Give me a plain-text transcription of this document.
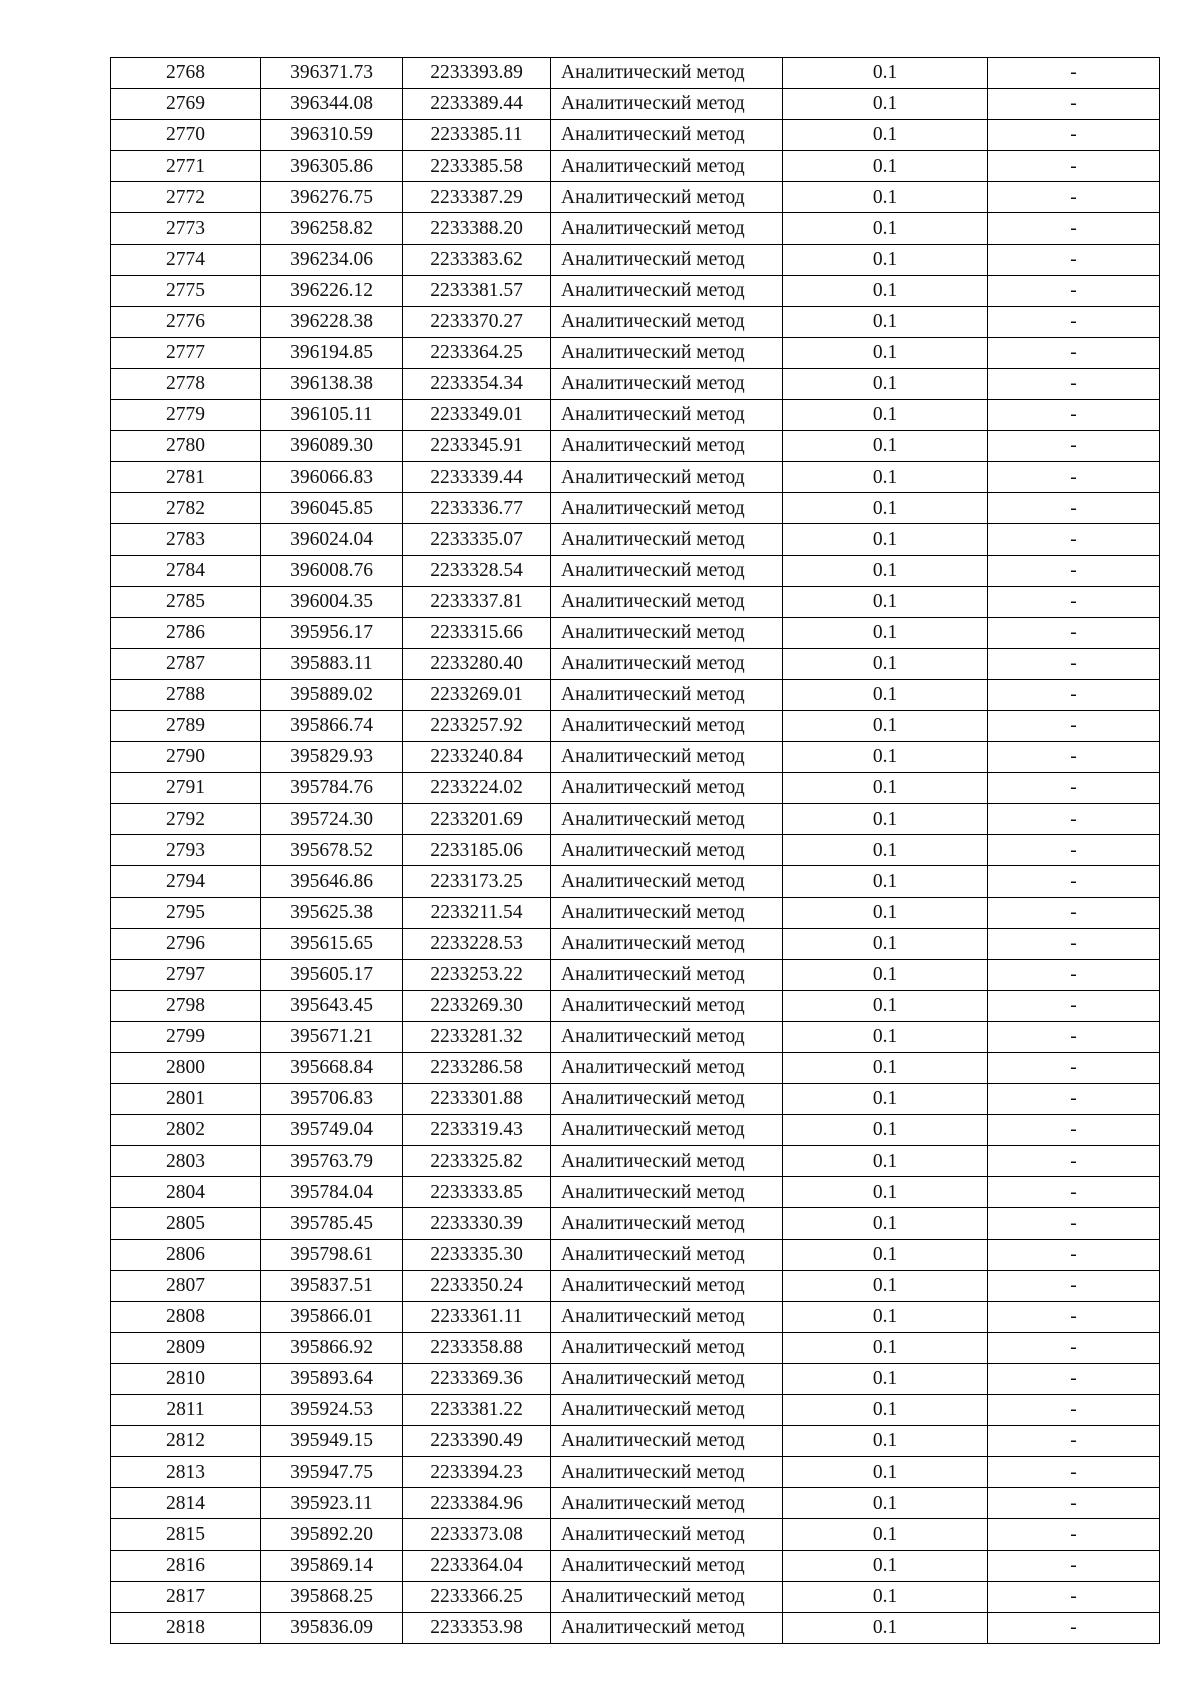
2768	396371.73	2233393.89	Аналитический метод	0.1	-
2769	396344.08	2233389.44	Аналитический метод	0.1	-
2770	396310.59	2233385.11	Аналитический метод	0.1	-
2771	396305.86	2233385.58	Аналитический метод	0.1	-
2772	396276.75	2233387.29	Аналитический метод	0.1	-
2773	396258.82	2233388.20	Аналитический метод	0.1	-
2774	396234.06	2233383.62	Аналитический метод	0.1	-
2775	396226.12	2233381.57	Аналитический метод	0.1	-
2776	396228.38	2233370.27	Аналитический метод	0.1	-
2777	396194.85	2233364.25	Аналитический метод	0.1	-
2778	396138.38	2233354.34	Аналитический метод	0.1	-
2779	396105.11	2233349.01	Аналитический метод	0.1	-
2780	396089.30	2233345.91	Аналитический метод	0.1	-
2781	396066.83	2233339.44	Аналитический метод	0.1	-
2782	396045.85	2233336.77	Аналитический метод	0.1	-
2783	396024.04	2233335.07	Аналитический метод	0.1	-
2784	396008.76	2233328.54	Аналитический метод	0.1	-
2785	396004.35	2233337.81	Аналитический метод	0.1	-
2786	395956.17	2233315.66	Аналитический метод	0.1	-
2787	395883.11	2233280.40	Аналитический метод	0.1	-
2788	395889.02	2233269.01	Аналитический метод	0.1	-
2789	395866.74	2233257.92	Аналитический метод	0.1	-
2790	395829.93	2233240.84	Аналитический метод	0.1	-
2791	395784.76	2233224.02	Аналитический метод	0.1	-
2792	395724.30	2233201.69	Аналитический метод	0.1	-
2793	395678.52	2233185.06	Аналитический метод	0.1	-
2794	395646.86	2233173.25	Аналитический метод	0.1	-
2795	395625.38	2233211.54	Аналитический метод	0.1	-
2796	395615.65	2233228.53	Аналитический метод	0.1	-
2797	395605.17	2233253.22	Аналитический метод	0.1	-
2798	395643.45	2233269.30	Аналитический метод	0.1	-
2799	395671.21	2233281.32	Аналитический метод	0.1	-
2800	395668.84	2233286.58	Аналитический метод	0.1	-
2801	395706.83	2233301.88	Аналитический метод	0.1	-
2802	395749.04	2233319.43	Аналитический метод	0.1	-
2803	395763.79	2233325.82	Аналитический метод	0.1	-
2804	395784.04	2233333.85	Аналитический метод	0.1	-
2805	395785.45	2233330.39	Аналитический метод	0.1	-
2806	395798.61	2233335.30	Аналитический метод	0.1	-
2807	395837.51	2233350.24	Аналитический метод	0.1	-
2808	395866.01	2233361.11	Аналитический метод	0.1	-
2809	395866.92	2233358.88	Аналитический метод	0.1	-
2810	395893.64	2233369.36	Аналитический метод	0.1	-
2811	395924.53	2233381.22	Аналитический метод	0.1	-
2812	395949.15	2233390.49	Аналитический метод	0.1	-
2813	395947.75	2233394.23	Аналитический метод	0.1	-
2814	395923.11	2233384.96	Аналитический метод	0.1	-
2815	395892.20	2233373.08	Аналитический метод	0.1	-
2816	395869.14	2233364.04	Аналитический метод	0.1	-
2817	395868.25	2233366.25	Аналитический метод	0.1	-
2818	395836.09	2233353.98	Аналитический метод	0.1	-
